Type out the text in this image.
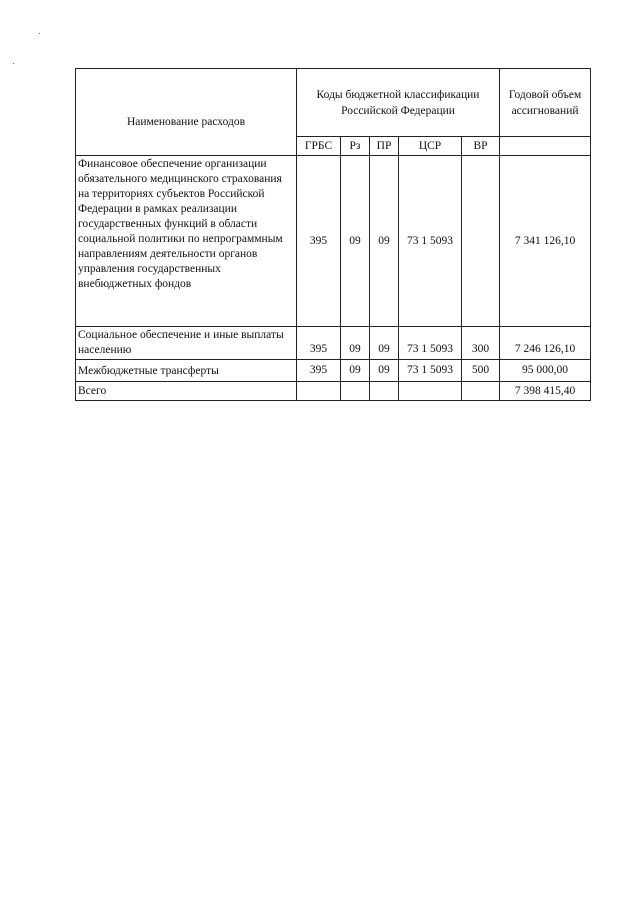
Наименование расходов	Коды бюджетной классификации Российской Федерации					Годовой объем ассигнований
	ГРБС	Рз	ПР	ЦСР	ВР	
Финансовое обеспечение организации обязательного медицинского страхования на территориях субъектов Российской Федерации в рамках реализации государственных функций в области социальной политики по непрограммным направлениям деятельности органов управления государственных внебюджетных фондов	395	09	09	73 1 5093		7 341 126,10
Социальное обеспечение и иные выплаты населению	395	09	09	73 1 5093	300	7 246 126,10
Межбюджетные трансферты	395	09	09	73 1 5093	500	95 000,00
Всего						7 398 415,40
